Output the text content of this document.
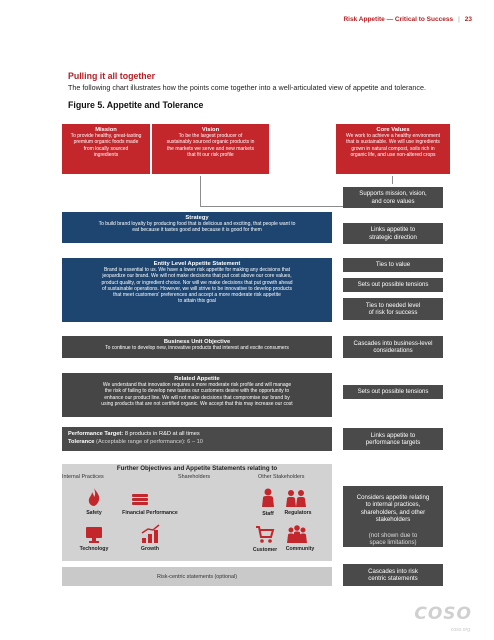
Risk Appetite — Critical to Success | 23
Pulling it all together
The following chart illustrates how the points come together into a well-articulated view of appetite and tolerance.
Figure 5. Appetite and Tolerance
Mission
To provide healthy, great-tasting
premium organic foods made
from locally sourced
ingredients
Vision
To be the largest producer of
sustainably sourced organic products in
the markets we serve and new markets
that fit our risk profile
Core Values
We work to achieve a healthy environment
that is sustainable. We will use ingredients
grown in natural compost, soils rich in
organic life, and use non-altered crops
Strategy
To build brand loyalty by producing food that is delicious and exciting, that people want to
eat because it tastes good and because it is good for them
Entity Level Appetite Statement
Brand is essential to us. We have a lower risk appetite for making any decisions that
jeopardize our brand. We will not make decisions that put cost above our core values,
product quality, or ingredient choice. Nor will we make decisions that put growth ahead
of sustainable operations. However, we will strive to be innovative to develop products
that meet customers' preferences and accept a more moderate risk appetite
to attain this goal
Business Unit Objective
To continue to develop new, innovative products that interest and excite consumers
Related Appetite
We understand that innovation requires a more moderate risk profile and will manage
the risk of failing to develop new tastes our customers desire with the opportunity to
enhance our product line. We will not make decisions that compromise our brand by
using products that are not certified organic. We accept that this may increase our cost
Performance Target: 8 products in R&D at all times
Tolerance (Acceptable range of performance): 6 – 10
Further Objectives and Appetite Statements relating to
Internal Practices	Shareholders	Other Stakeholders
Safety	Financial Performance	Staff	Regulators
Technology	Growth	Customer	Community
Risk-centric statements (optional)
Supports mission, vision,
and core values
Links appetite to
strategic direction
Ties to value
Sets out possible tensions
Ties to needed level
of risk for success
Cascades into business-level
considerations
Sets out possible tensions
Links appetite to
performance targets
Considers appetite relating
to internal practices,
shareholders, and other
stakeholders
(not shown due to
space limitations)
Cascades into risk
centric statements
COSO
coso.org
